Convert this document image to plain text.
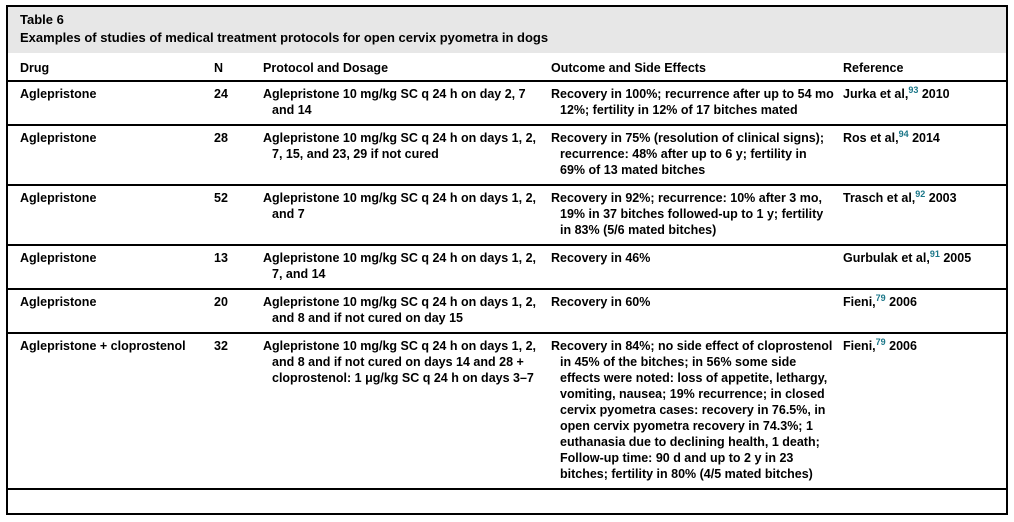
Table 6
Examples of studies of medical treatment protocols for open cervix pyometra in dogs
Drug	N	Protocol and Dosage	Outcome and Side Effects	Reference
Aglepristone	24	Aglepristone 10 mg/kg SC q 24 h on day 2, 7 and 14	Recovery in 100%; recurrence after up to 54 mo 12%; fertility in 12% of 17 bitches mated	Jurka et al,$^{93}$ 2010
Aglepristone	28	Aglepristone 10 mg/kg SC q 24 h on days 1, 2, 7, 15, and 23, 29 if not cured	Recovery in 75% (resolution of clinical signs); recurrence: 48% after up to 6 y; fertility in 69% of 13 mated bitches	Ros et al,$^{94}$ 2014
Aglepristone	52	Aglepristone 10 mg/kg SC q 24 h on days 1, 2, and 7	Recovery in 92%; recurrence: 10% after 3 mo, 19% in 37 bitches followed-up to 1 y; fertility in 83% (5/6 mated bitches)	Trasch et al,$^{92}$ 2003
Aglepristone	13	Aglepristone 10 mg/kg SC q 24 h on days 1, 2, 7, and 14	Recovery in 46%	Gurbulak et al,$^{91}$ 2005
Aglepristone	20	Aglepristone 10 mg/kg SC q 24 h on days 1, 2, and 8 and if not cured on day 15	Recovery in 60%	Fieni,$^{79}$ 2006
Aglepristone + cloprostenol	32	Aglepristone 10 mg/kg SC q 24 h on days 1, 2, and 8 and if not cured on days 14 and 28 + cloprostenol: 1 μg/kg SC q 24 h on days 3–7	Recovery in 84%; no side effect of cloprostenol in 45% of the bitches; in 56% some side effects were noted: loss of appetite, lethargy, vomiting, nausea; 19% recurrence; in closed cervix pyometra cases: recovery in 76.5%, in open cervix pyometra recovery in 74.3%; 1 euthanasia due to declining health, 1 death; Follow-up time: 90 d and up to 2 y in 23 bitches; fertility in 80% (4/5 mated bitches)	Fieni,$^{79}$ 2006
